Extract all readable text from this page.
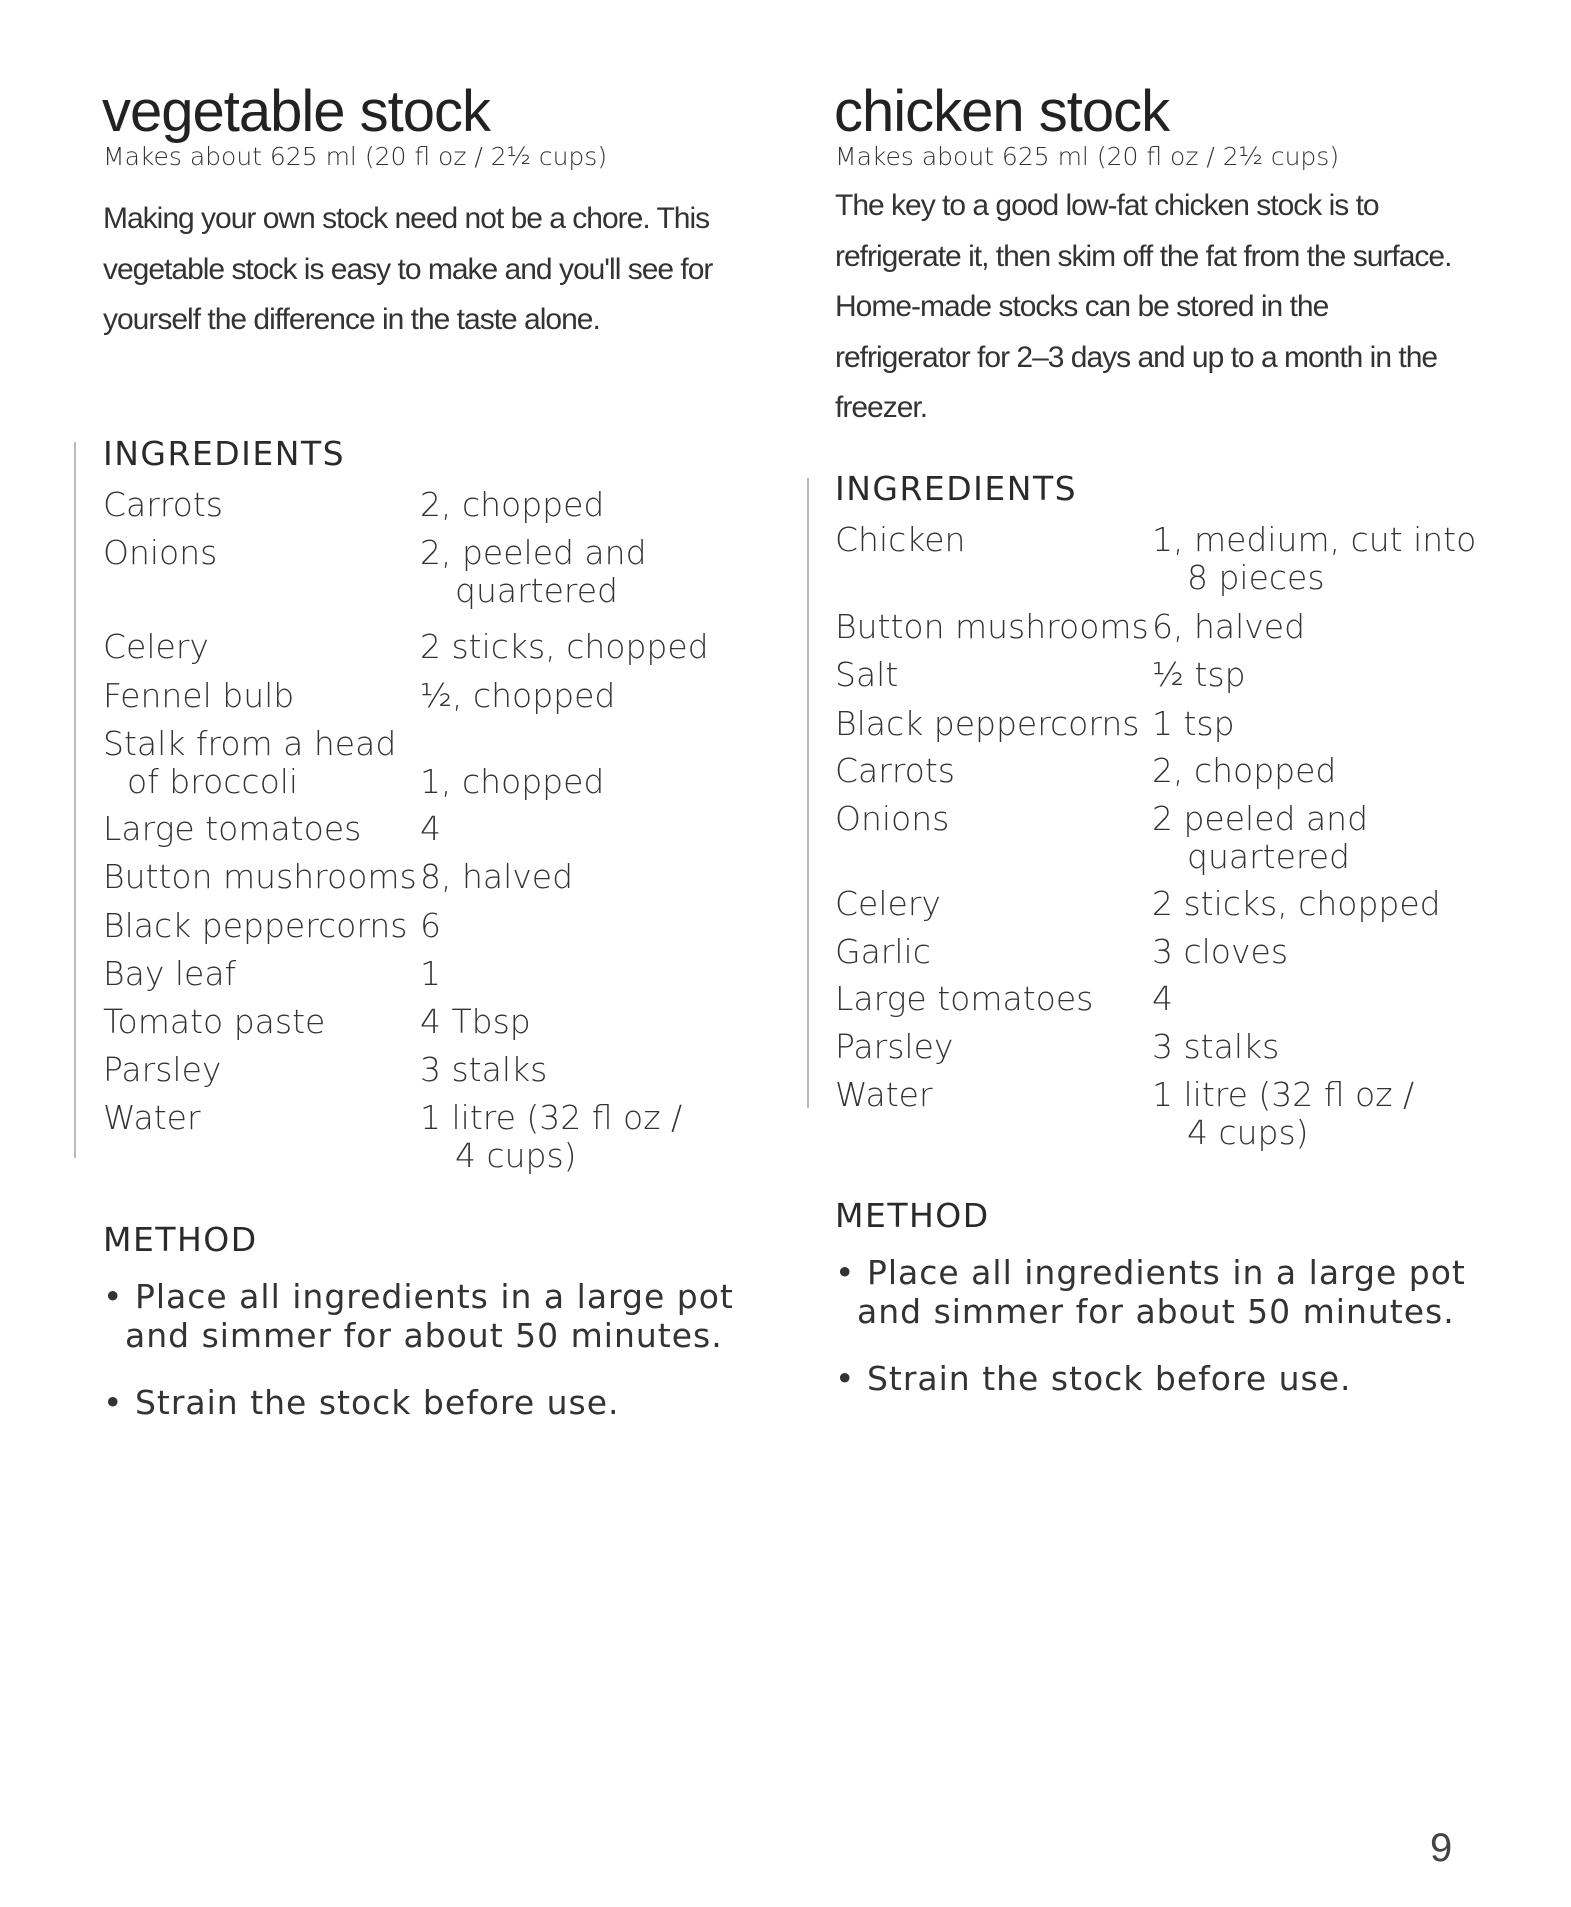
vegetable stock
Makes about 625 ml (20 fl oz / 2½ cups)
Making your own stock need not be a chore. This vegetable stock is easy to make and you'll see for yourself the difference in the taste alone.
INGREDIENTS
Carrots	2, chopped
Onions	2, peeled and
quartered
Celery	2 sticks, chopped
Fennel bulb	½, chopped
Stalk from a head
of broccoli	1, chopped
Large tomatoes 4
Button mushrooms 8, halved
Black peppercorns 6
Bay leaf	1
Tomato paste	4 Tbsp
Parsley	3 stalks
Water	1 litre (32 fl oz /
4 cups)
METHOD
• Place all ingredients in a large pot and simmer for about 50 minutes.
• Strain the stock before use.
chicken stock
Makes about 625 ml (20 fl oz / 2½ cups)
The key to a good low-fat chicken stock is to refrigerate it, then skim off the fat from the surface. Home-made stocks can be stored in the refrigerator for 2–3 days and up to a month in the freezer.
INGREDIENTS
Chicken	1, medium, cut into
8 pieces
Button mushrooms 6, halved
Salt	½ tsp
Black peppercorns 1 tsp
Carrots	2, chopped
Onions	2 peeled and
quartered
Celery	2 sticks, chopped
Garlic	3 cloves
Large tomatoes 4
Parsley	3 stalks
Water	1 litre (32 fl oz /
4 cups)
METHOD
• Place all ingredients in a large pot and simmer for about 50 minutes.
• Strain the stock before use.
9
